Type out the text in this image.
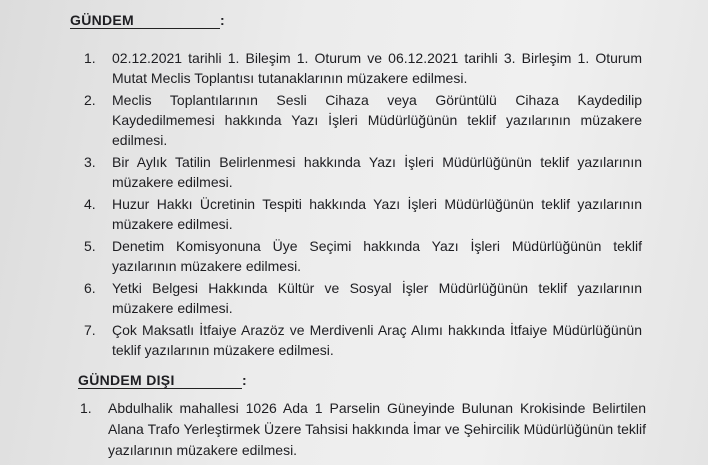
GÜNDEM	:
1.	02.12.2021 tarihli 1. Bileşim 1. Oturum ve 06.12.2021 tarihli 3. Birleşim 1. Oturum Mutat Meclis Toplantısı tutanaklarının müzakere edilmesi.
2.	Meclis Toplantılarının Sesli Cihaza veya Görüntülü Cihaza Kaydedilip Kaydedilmemesi hakkında Yazı İşleri Müdürlüğünün teklif yazılarının müzakere edilmesi.
3.	Bir Aylık Tatilin Belirlenmesi hakkında Yazı İşleri Müdürlüğünün teklif yazılarının müzakere edilmesi.
4.	Huzur Hakkı Ücretinin Tespiti hakkında Yazı İşleri Müdürlüğünün teklif yazılarının müzakere edilmesi.
5.	Denetim Komisyonuna Üye Seçimi hakkında Yazı İşleri Müdürlüğünün teklif yazılarının müzakere edilmesi.
6.	Yetki Belgesi Hakkında Kültür ve Sosyal İşler Müdürlüğünün teklif yazılarının müzakere edilmesi.
7.	Çok Maksatlı İtfaiye Arazöz ve Merdivenli Araç Alımı hakkında İtfaiye Müdürlüğünün teklif yazılarının müzakere edilmesi.
GÜNDEM DIŞI	:
1.	Abdulhalik mahallesi 1026 Ada 1 Parselin Güneyinde Bulunan Krokisinde Belirtilen Alana Trafo Yerleştirmek Üzere Tahsisi hakkında İmar ve Şehircilik Müdürlüğünün teklif yazılarının müzakere edilmesi.
